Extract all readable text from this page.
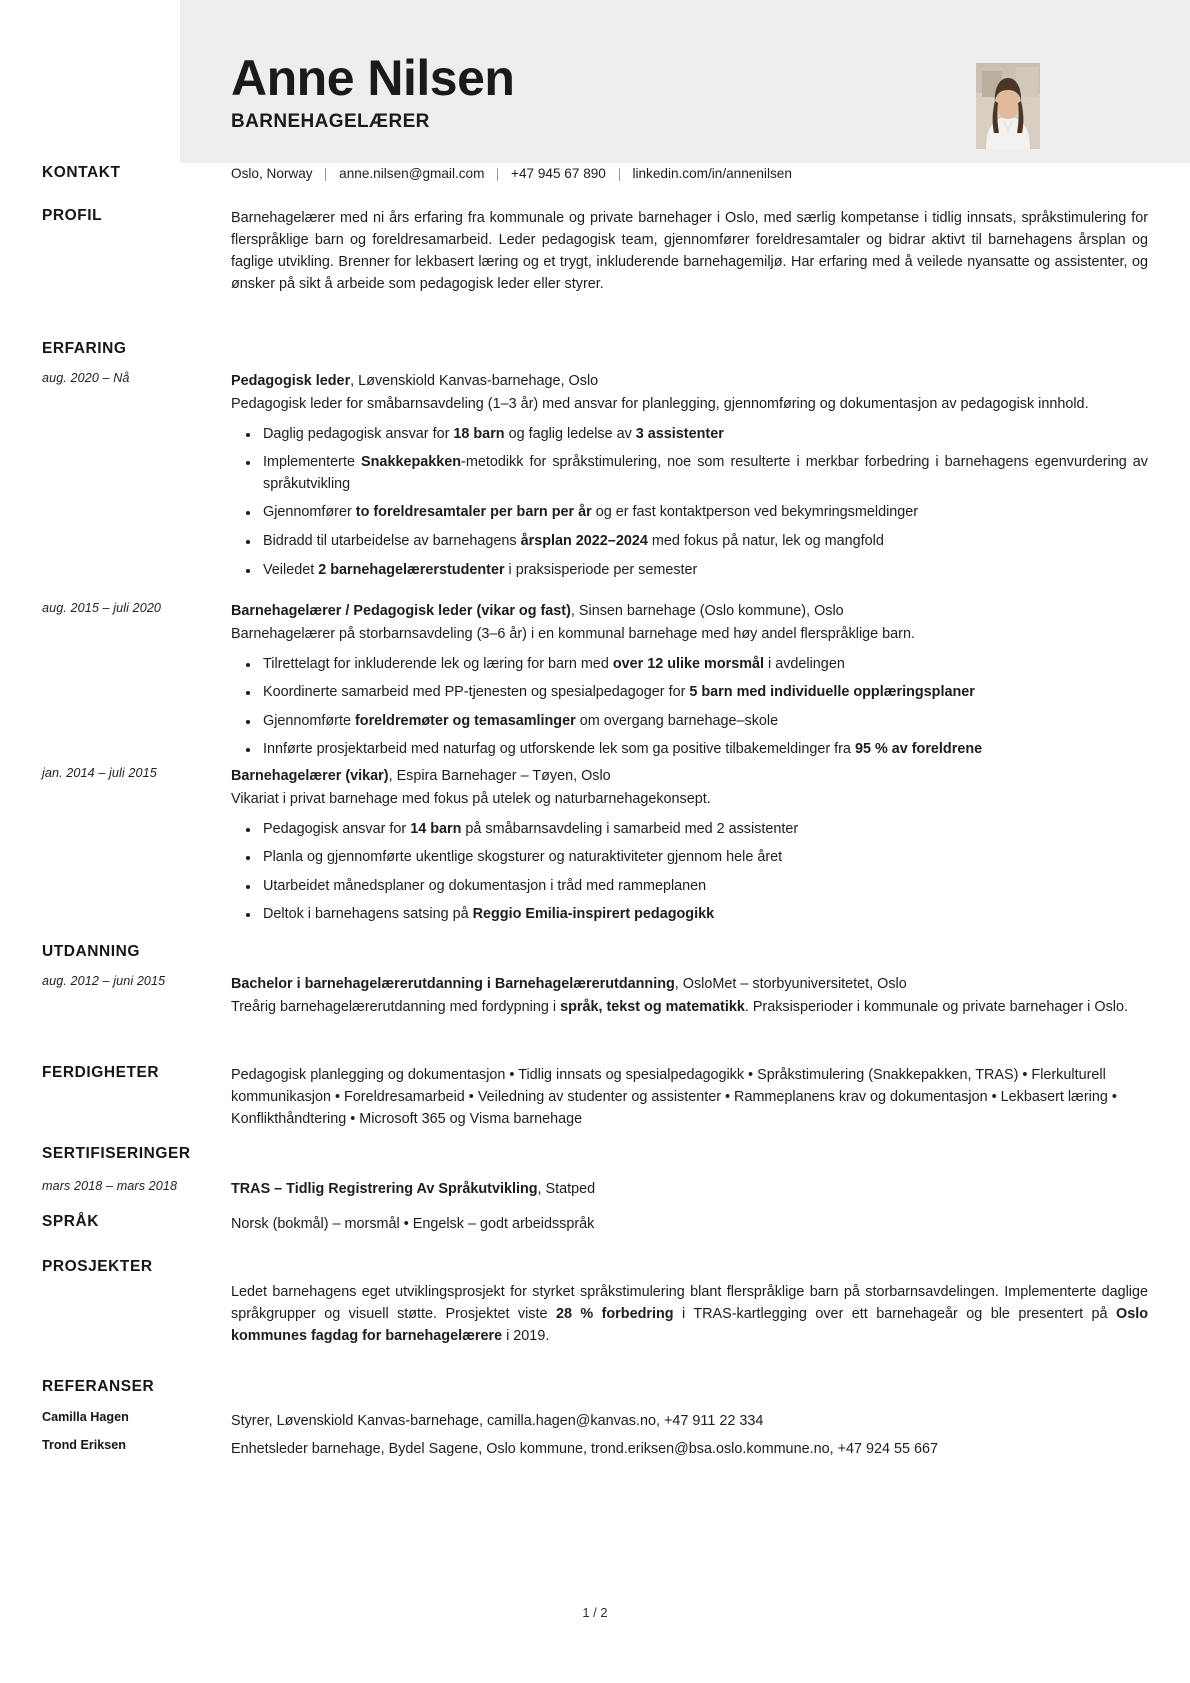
Anne Nilsen
BARNEHAGELÆRER
KONTAKT	Oslo, Norway anne.nilsen@gmail.com +47 945 67 890 linkedin.com/in/annenilsen
PROFIL	Barnehagelærer med ni års erfaring fra kommunale og private barnehager i Oslo, med særlig kompetanse i tidlig innsats, språkstimulering for flerspråklige barn og foreldresamarbeid. Leder pedagogisk team, gjennomfører foreldresamtaler og bidrar aktivt til barnehagens årsplan og faglige utvikling. Brenner for lekbasert læring og et trygt, inkluderende barnehagemiljø. Har erfaring med å veilede nyansatte og assistenter, og ønsker på sikt å arbeide som pedagogisk leder eller styrer.
ERFARING
aug. 2020 – Nå	Pedagogisk leder, Løvenskiold Kanvas-barnehage, Oslo
Pedagogisk leder for småbarnsavdeling (1–3 år) med ansvar for planlegging, gjennomføring og dokumentasjon av pedagogisk innhold.
Daglig pedagogisk ansvar for 18 barn og faglig ledelse av 3 assistenter
Implementerte Snakkepakken-metodikk for språkstimulering, noe som resulterte i merkbar forbedring i barnehagens egenvurdering av språkutvikling
Gjennomfører to foreldresamtaler per barn per år og er fast kontaktperson ved bekymringsmeldinger
Bidradd til utarbeidelse av barnehagens årsplan 2022–2024 med fokus på natur, lek og mangfold
Veiledet 2 barnehagelærerstudenter i praksisperiode per semester
aug. 2015 – juli 2020	Barnehagelærer / Pedagogisk leder (vikar og fast), Sinsen barnehage (Oslo kommune), Oslo
Barnehagelærer på storbarnsavdeling (3–6 år) i en kommunal barnehage med høy andel flerspråklige barn.
Tilrettelagt for inkluderende lek og læring for barn med over 12 ulike morsmål i avdelingen
Koordinerte samarbeid med PP-tjenesten og spesialpedagoger for 5 barn med individuelle opplæringsplaner
Gjennomførte foreldremøter og temasamlinger om overgang barnehage–skole
Innførte prosjektarbeid med naturfag og utforskende lek som ga positive tilbakemeldinger fra 95 % av foreldrene
jan. 2014 – juli 2015	Barnehagelærer (vikar), Espira Barnehager – Tøyen, Oslo
Vikariat i privat barnehage med fokus på utelek og naturbarnehagekonsept.
Pedagogisk ansvar for 14 barn på småbarnsavdeling i samarbeid med 2 assistenter
Planla og gjennomførte ukentlige skogsturer og naturaktiviteter gjennom hele året
Utarbeidet månedsplaner og dokumentasjon i tråd med rammeplanen
Deltok i barnehagens satsing på Reggio Emilia-inspirert pedagogikk
UTDANNING
aug. 2012 – juni 2015	Bachelor i barnehagelærerutdanning i Barnehagelærerutdanning, OsloMet – storbyuniversitetet, Oslo
Treårig barnehagelærerutdanning med fordypning i språk, tekst og matematikk. Praksisperioder i kommunale og private barnehager i Oslo.
FERDIGHETER	Pedagogisk planlegging og dokumentasjon • Tidlig innsats og spesialpedagogikk • Språkstimulering (Snakkepakken, TRAS) • Flerkulturell kommunikasjon • Foreldresamarbeid • Veiledning av studenter og assistenter • Rammeplanens krav og dokumentasjon • Lekbasert læring • Konflikthåndtering • Microsoft 365 og Visma barnehage
SERTIFISERINGER
mars 2018 – mars 2018	TRAS – Tidlig Registrering Av Språkutvikling, Statped
SPRÅK	Norsk (bokmål) – morsmål • Engelsk – godt arbeidsspråk
PROSJEKTER
Ledet barnehagens eget utviklingsprosjekt for styrket språkstimulering blant flerspråklige barn på storbarnsavdelingen. Implementerte daglige språkgrupper og visuell støtte. Prosjektet viste 28 % forbedring i TRAS-kartlegging over ett barnehageår og ble presentert på Oslo kommunes fagdag for barnehagelærere i 2019.
REFERANSER
Camilla Hagen	Styrer, Løvenskiold Kanvas-barnehage, camilla.hagen@kanvas.no, +47 911 22 334
Trond Eriksen	Enhetsleder barnehage, Bydel Sagene, Oslo kommune, trond.eriksen@bsa.oslo.kommune.no, +47 924 55 667
1 / 2
